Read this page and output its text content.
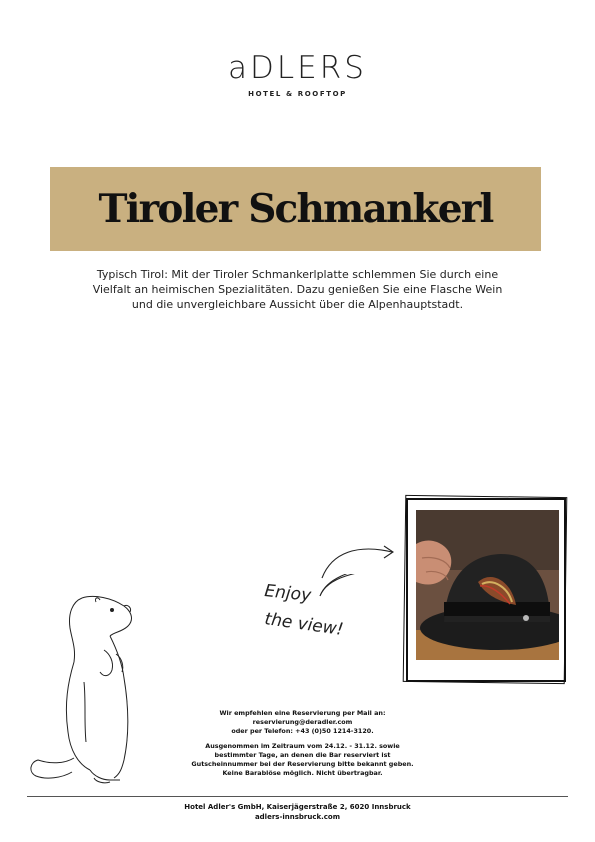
aDLERS
HOTEL & ROOFTOP
Tiroler Schmankerl
Typisch Tirol: Mit der Tiroler Schmankerlplatte schlemmen Sie durch eine
Vielfalt an heimischen Spezialitäten. Dazu genießen Sie eine Flasche Wein
und die unvergleichbare Aussicht über die Alpenhauptstadt.
Enjoy
the view!
Wir empfehlen eine Reservierung per Mail an:
reservierung@deradler.com
oder per Telefon: +43 (0)50 1214-3120.
Ausgenommen im Zeitraum vom 24.12. - 31.12. sowie
bestimmter Tage, an denen die Bar reserviert ist
Gutscheinnummer bei der Reservierung bitte bekannt geben.
Keine Barablöse möglich. Nicht übertragbar.
Hotel Adler's GmbH, Kaiserjägerstraße 2, 6020 Innsbruck
adlers-innsbruck.com
